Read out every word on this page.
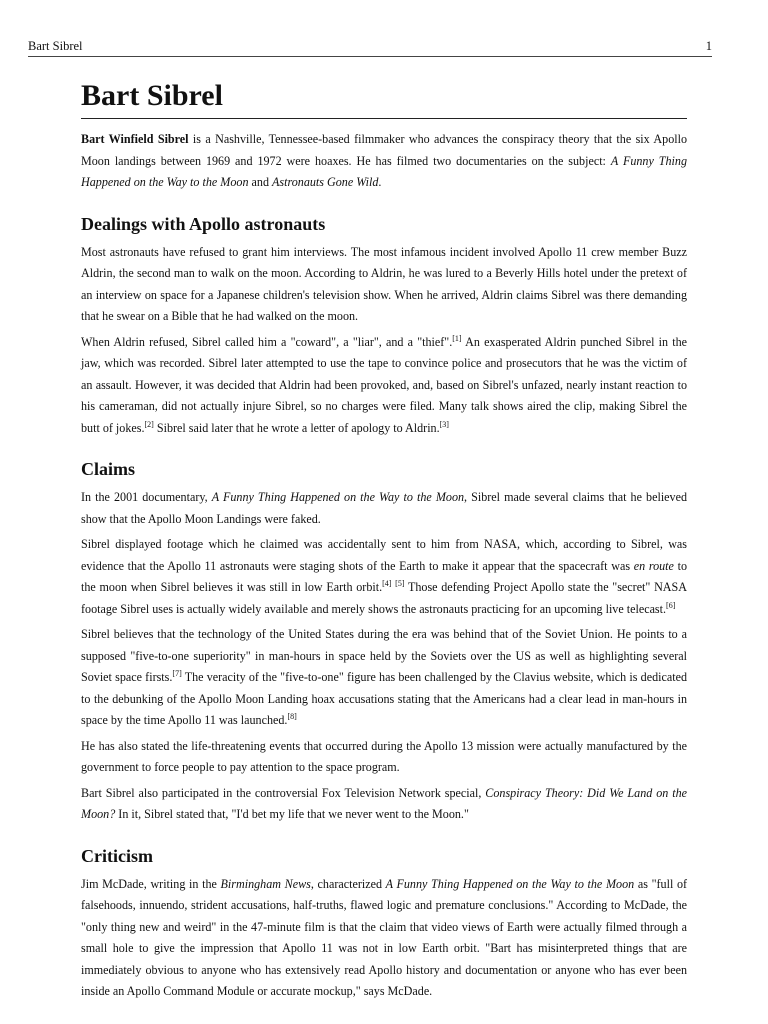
Bart Sibrel	1
Bart Sibrel

Bart Winfield Sibrel is a Nashville, Tennessee-based filmmaker who advances the conspiracy theory that the six Apollo Moon landings between 1969 and 1972 were hoaxes. He has filmed two documentaries on the subject: A Funny Thing Happened on the Way to the Moon and Astronauts Gone Wild.

Dealings with Apollo astronauts

Most astronauts have refused to grant him interviews. The most infamous incident involved Apollo 11 crew member Buzz Aldrin, the second man to walk on the moon. According to Aldrin, he was lured to a Beverly Hills hotel under the pretext of an interview on space for a Japanese children's television show. When he arrived, Aldrin claims Sibrel was there demanding that he swear on a Bible that he had walked on the moon.

When Aldrin refused, Sibrel called him a "coward", a "liar", and a "thief".[1] An exasperated Aldrin punched Sibrel in the jaw, which was recorded. Sibrel later attempted to use the tape to convince police and prosecutors that he was the victim of an assault. However, it was decided that Aldrin had been provoked, and, based on Sibrel's unfazed, nearly instant reaction to his cameraman, did not actually injure Sibrel, so no charges were filed. Many talk shows aired the clip, making Sibrel the butt of jokes.[2] Sibrel said later that he wrote a letter of apology to Aldrin.[3]

Claims

In the 2001 documentary, A Funny Thing Happened on the Way to the Moon, Sibrel made several claims that he believed show that the Apollo Moon Landings were faked.

Sibrel displayed footage which he claimed was accidentally sent to him from NASA, which, according to Sibrel, was evidence that the Apollo 11 astronauts were staging shots of the Earth to make it appear that the spacecraft was en route to the moon when Sibrel believes it was still in low Earth orbit.[4] [5] Those defending Project Apollo state the "secret" NASA footage Sibrel uses is actually widely available and merely shows the astronauts practicing for an upcoming live telecast.[6]

Sibrel believes that the technology of the United States during the era was behind that of the Soviet Union. He points to a supposed "five-to-one superiority" in man-hours in space held by the Soviets over the US as well as highlighting several Soviet space firsts.[7] The veracity of the "five-to-one" figure has been challenged by the Clavius website, which is dedicated to the debunking of the Apollo Moon Landing hoax accusations stating that the Americans had a clear lead in man-hours in space by the time Apollo 11 was launched.[8]

He has also stated the life-threatening events that occurred during the Apollo 13 mission were actually manufactured by the government to force people to pay attention to the space program.

Bart Sibrel also participated in the controversial Fox Television Network special, Conspiracy Theory: Did We Land on the Moon? In it, Sibrel stated that, "I'd bet my life that we never went to the Moon."

Criticism

Jim McDade, writing in the Birmingham News, characterized A Funny Thing Happened on the Way to the Moon as "full of falsehoods, innuendo, strident accusations, half-truths, flawed logic and premature conclusions." According to McDade, the "only thing new and weird" in the 47-minute film is that the claim that video views of Earth were actually filmed through a small hole to give the impression that Apollo 11 was not in low Earth orbit. "Bart has misinterpreted things that are immediately obvious to anyone who has extensively read Apollo history and documentation or anyone who has ever been inside an Apollo Command Module or accurate mockup," says McDade.
